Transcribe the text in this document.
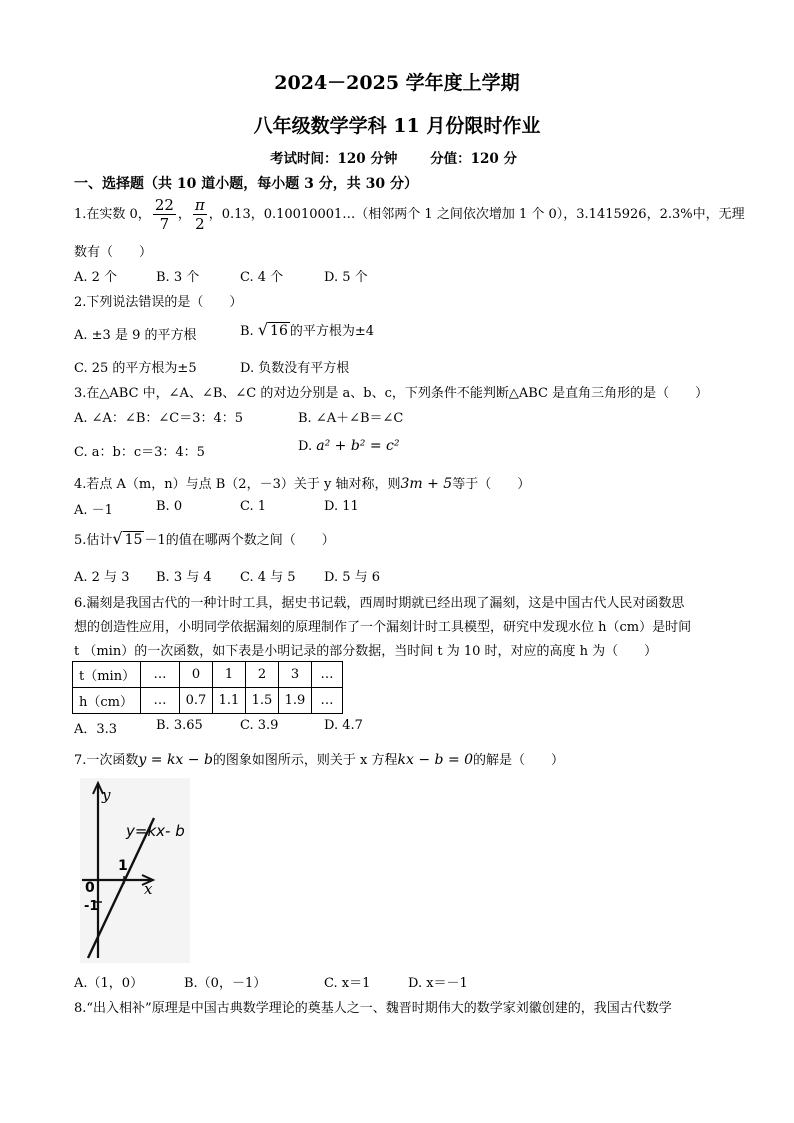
2024－2025 学年度上学期
八年级数学学科 11 月份限时作业
考试时间：120 分钟 分值：120 分
一、选择题（共 10 道小题，每小题 3 分，共 30 分）
1.在实数 0， $\frac{22}{7}$ ， $\frac{\pi}{2}$ ，0.13，0.10010001…（相邻两个 1 之间依次增加 1 个 0），3.1415926，2.3%中，无理
数有（　　）
A. 2 个	B. 3 个	C. 4 个	D. 5 个
2.下列说法错误的是（　　）
A. ±3 是 9 的平方根	B. √ 16 的平方根为±4
C. 25 的平方根为±5	D. 负数没有平方根
3.在△ABC 中，∠A、∠B、∠C 的对边分别是 a、b、c，下列条件不能判断△ABC 是直角三角形的是（　　）
A. ∠A：∠B：∠C＝3：4：5	B. ∠A＋∠B＝∠C
C. a：b：c＝3：4：5	D. a² + b² = c²
4.若点 A（m，n）与点 B（2，－3）关于 y 轴对称，则3m + 5等于（　　）
A. －1	B. 0	C. 1	D. 11
5.估计√ 15 －1的值在哪两个数之间（　　）
A. 2 与 3 B. 3 与 4 C. 4 与 5 D. 5 与 6
6.漏刻是我国古代的一种计时工具，据史书记载，西周时期就已经出现了漏刻，这是中国古代人民对函数思
想的创造性应用，小明同学依据漏刻的原理制作了一个漏刻计时工具模型，研究中发现水位 h（cm）是时间
t （min）的一次函数，如下表是小明记录的部分数据，当时间 t 为 10 时，对应的高度 h 为（　　）
t（min）	…	0	1	2	3	…
h（cm）	…	0.7	1.1	1.5	1.9	…
A．3.3	B. 3.65	C. 3.9	D. 4.7
7.一次函数y = kx − b的图象如图所示，则关于 x 方程kx − b = 0的解是（　　）
y
x
y=kx- b
0
1
-1
A.（1，0）	B.（0，－1）	C. x＝1	D. x＝－1
8.“出入相补”原理是中国古典数学理论的奠基人之一、魏晋时期伟大的数学家刘徽创建的，我国古代数学
